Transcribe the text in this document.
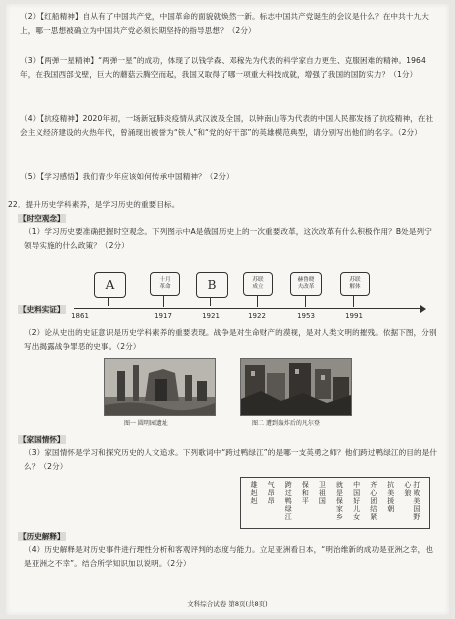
（2）【红船精神】自从有了中国共产党，中国革命的面貌就焕然一新。标志中国共产党诞生的会议是什么？在中共十九大上，哪一思想被确立为中国共产党必须长期坚持的指导思想？（2分）
（3）【两弹一星精神】“两弹一星”的成功，体现了以钱学森、邓稼先为代表的科学家自力更生、克服困难的精神。1964年，在我国西部戈壁，巨大的蘑菇云腾空而起，我国又取得了哪一项重大科技成就，增强了我国的国防实力？（1分）
（4）【抗疫精神】2020年初，一场新冠肺炎疫情从武汉波及全国，以钟南山等为代表的中国人民都发扬了抗疫精神，在社会主义经济建设的火热年代，曾涌现出被誉为“铁人”和“党的好干部”的英雄模范典型，请分别写出他们的名字。（2分）
（5）【学习感悟】我们青少年应该如何传承中国精神？（2分）
22．提升历史学科素养，是学习历史的重要目标。
【时空观念】
（1）学习历史要准确把握时空观念。下列图示中A是俄国历史上的一次重要改革，这次改革有什么积极作用？B处是列宁领导实施的什么政策？（2分）
A
1861
十月
革命
1917
B
1921
苏联
成立
1922
赫鲁晓
夫改革
1953
苏联
解体
1991
【史料实证】
（2）论从史出的史证意识是历史学科素养的重要表现。战争是对生命财产的漠视，是对人类文明的摧残。依据下图，分别写出揭露战争罪恶的史事。（2分）
图一 圆明园遗址	图二 遭到轰炸后的凡尔登
【家国情怀】
（3）家国情怀是学习和探究历史的人文追求。下列歌词中“跨过鸭绿江”的是哪一支英勇之师？他们跨过鸭绿江的目的是什么？（2分）
雄赳赳 气昂昂 跨过鸭绿江 保和平 卫祖国 就是保家乡 中国好儿女 齐心团结紧 抗美援朝	打败美国野心狼
【历史解释】
（4）历史解释是对历史事件进行理性分析和客观评判的态度与能力。立足亚洲看日本，“明治维新的成功是亚洲之幸，也是亚洲之不幸”。结合所学知识加以说明。（2分）
文科综合试卷 第8页(共8页)
